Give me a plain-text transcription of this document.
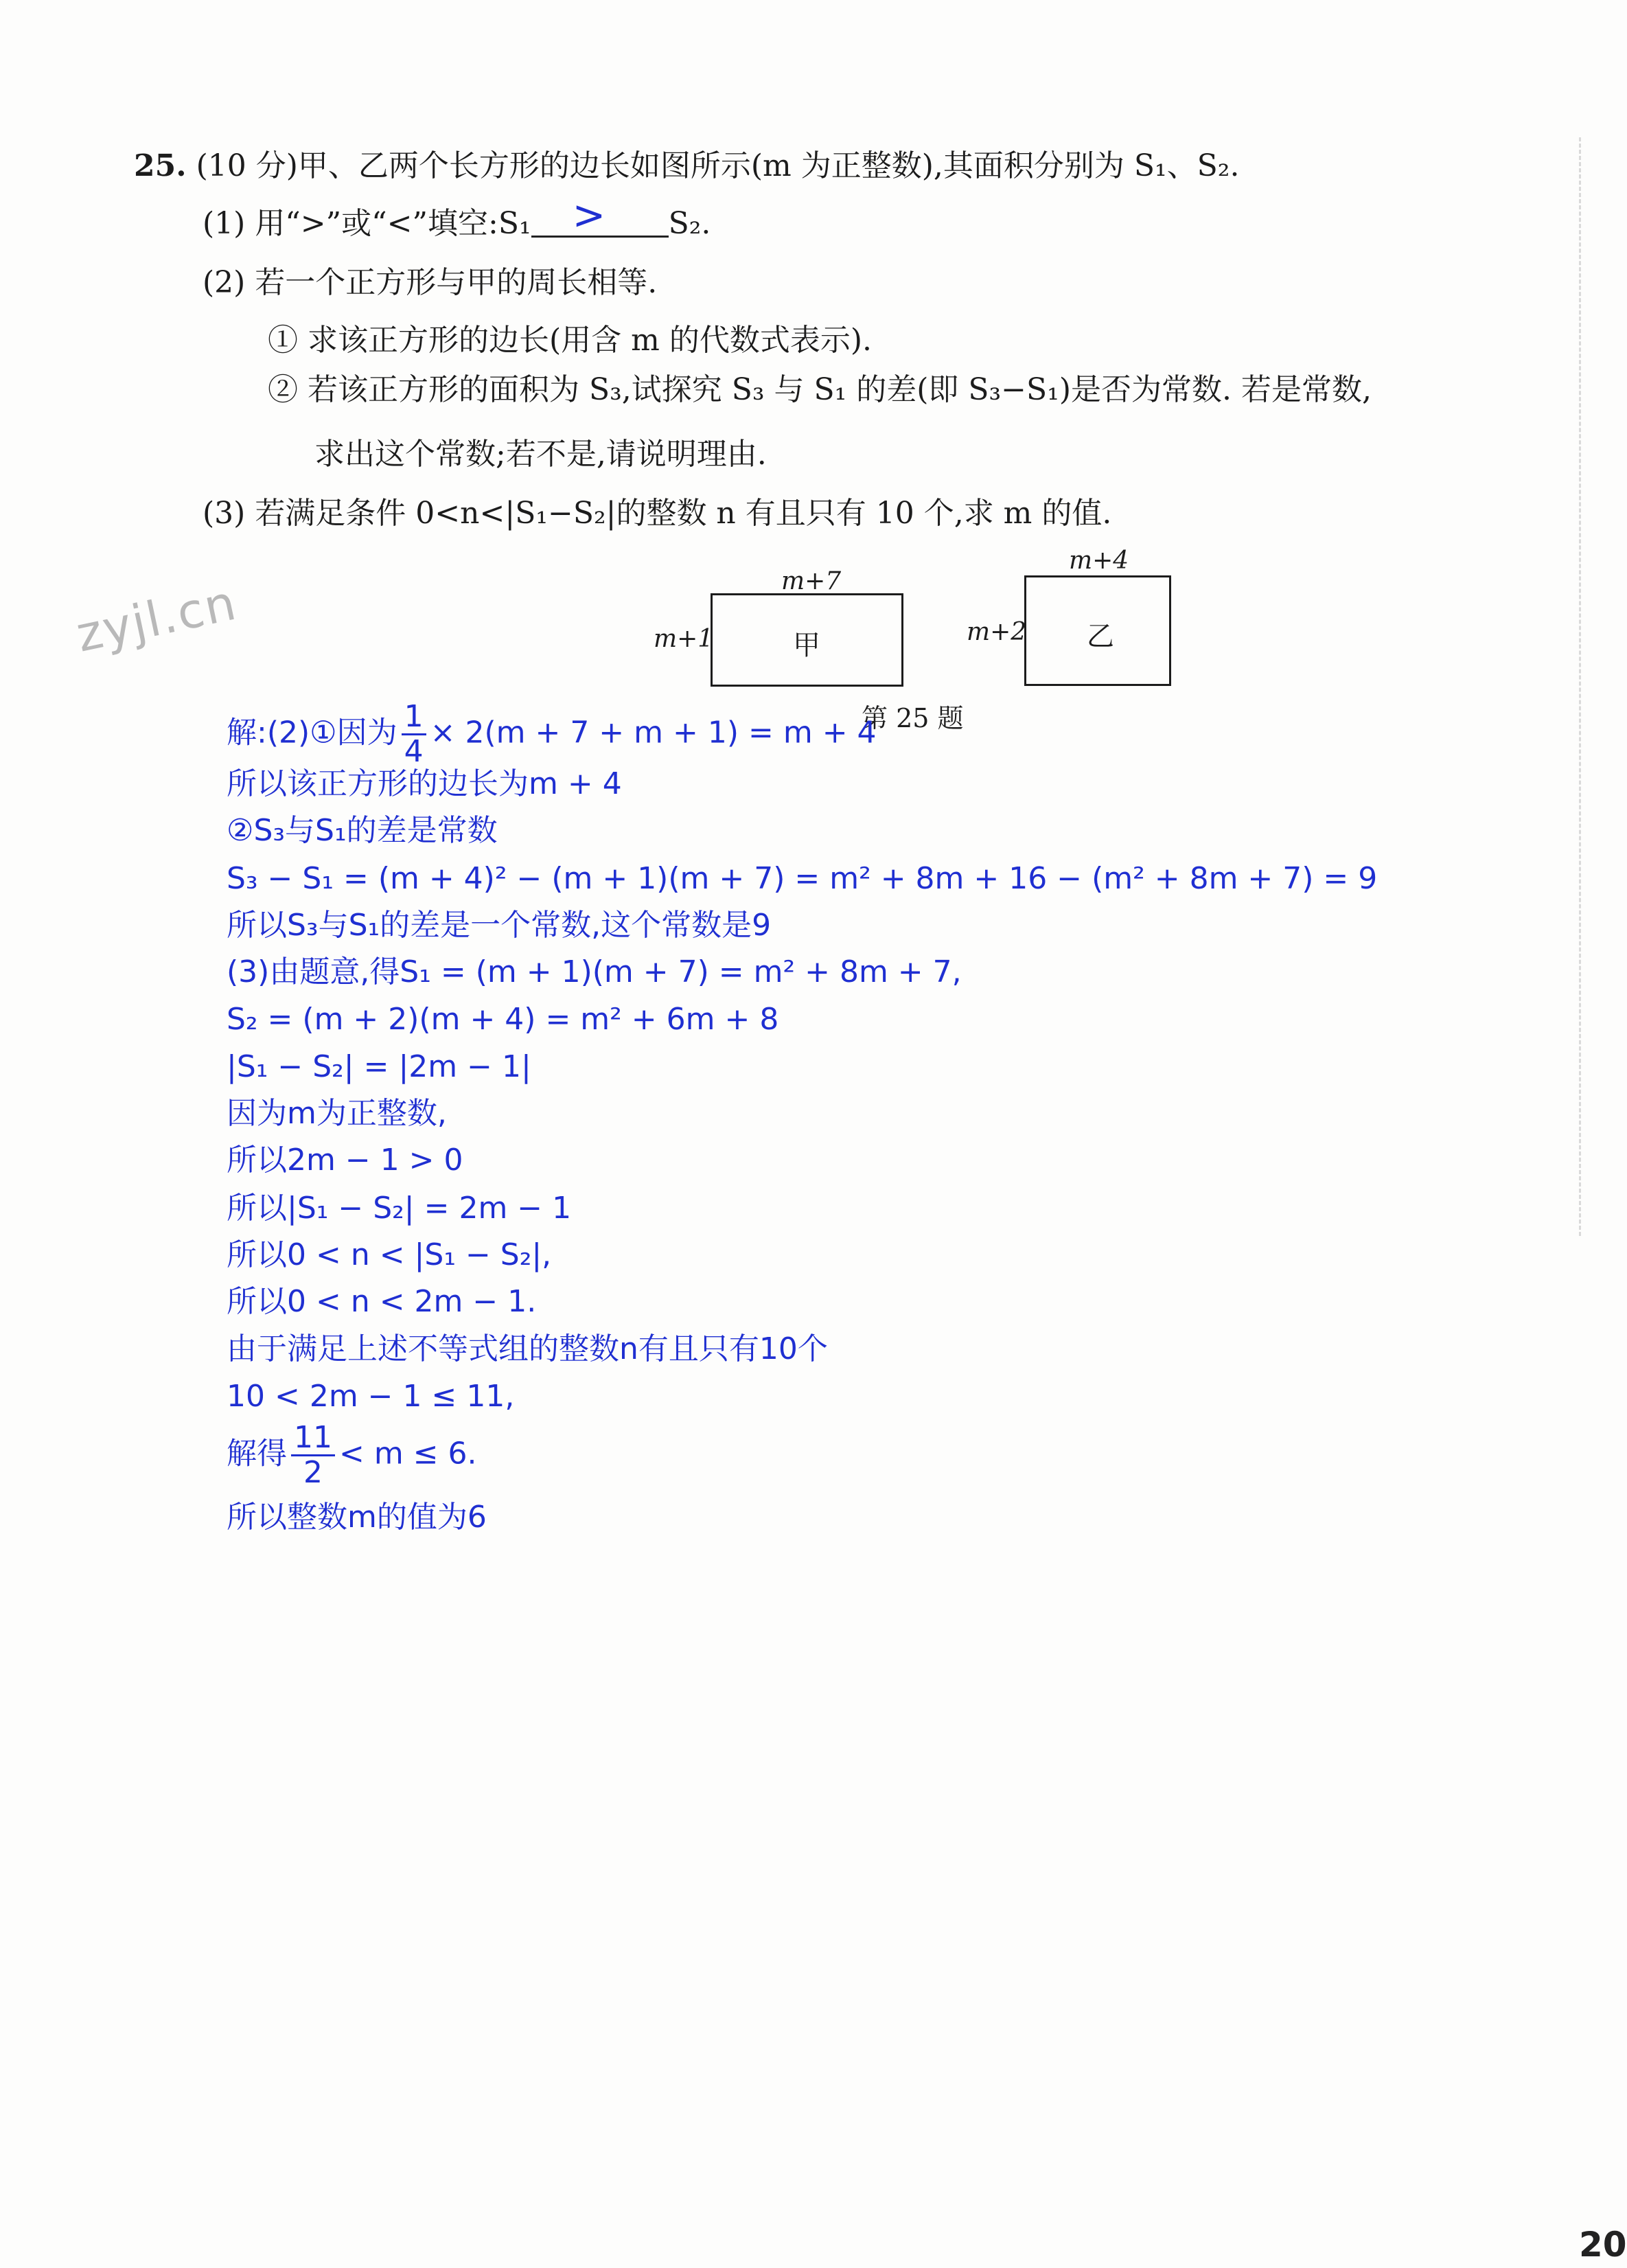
25. (10 分)甲、乙两个长方形的边长如图所示(m 为正整数),其面积分别为 S₁、S₂.
(1) 用“>”或“<”填空:S₁ > S₂.
(2) 若一个正方形与甲的周长相等.
① 求该正方形的边长(用含 m 的代数式表示).
② 若该正方形的面积为 S₃,试探究 S₃ 与 S₁ 的差(即 S₃−S₁)是否为常数. 若是常数,
求出这个常数;若不是,请说明理由.
(3) 若满足条件 0<n<|S₁−S₂|的整数 n 有且只有 10 个,求 m 的值.
zyjl.cn	m+7
m+1	甲
m+4
m+2 乙
第 25 题
解:(2)①因为 $\frac{1}{4} \times 2(m + 7 + m + 1) = m + 4$
所以该正方形的边长为m + 4
②S₃与S₁的差是常数
S₃ − S₁ = (m + 4)² − (m + 1)(m + 7) = m² + 8m + 16 − (m² + 8m + 7) = 9
所以S₃与S₁的差是一个常数,这个常数是9
(3)由题意,得S₁ = (m + 1)(m + 7) = m² + 8m + 7,
S₂ = (m + 2)(m + 4) = m² + 6m + 8
|S₁ − S₂| = |2m − 1|
因为m为正整数,
所以2m − 1 > 0
所以|S₁ − S₂| = 2m − 1
所以0 < n < |S₁ − S₂|,
所以0 < n < 2m − 1.
由于满足上述不等式组的整数n有且只有10个
10 < 2m − 1 ≤ 11,
解得 $\frac{11}{2} < m \le 6$.
所以整数m的值为6
20
